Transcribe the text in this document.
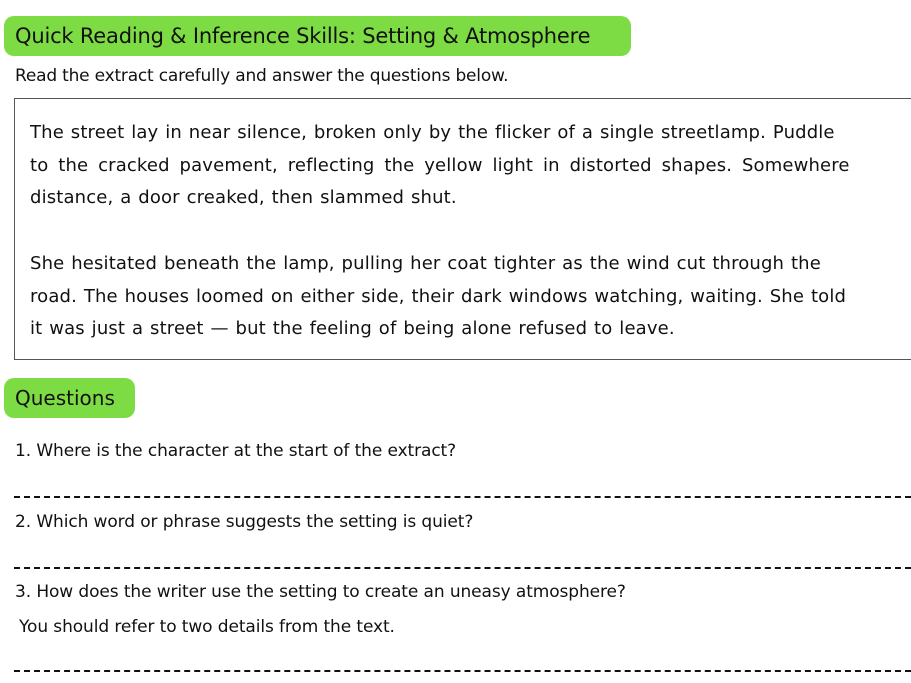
Quick Reading & Inference Skills: Setting & Atmosphere
Read the extract carefully and answer the questions below.
The street lay in near silence, broken only by the flicker of a single streetlamp. Puddle
to the cracked pavement, reflecting the yellow light in distorted shapes. Somewhere
distance, a door creaked, then slammed shut.
She hesitated beneath the lamp, pulling her coat tighter as the wind cut through the
road. The houses loomed on either side, their dark windows watching, waiting. She told
it was just a street — but the feeling of being alone refused to leave.
Questions
1. Where is the character at the start of the extract?
2. Which word or phrase suggests the setting is quiet?
3. How does the writer use the setting to create an uneasy atmosphere?
You should refer to two details from the text.
